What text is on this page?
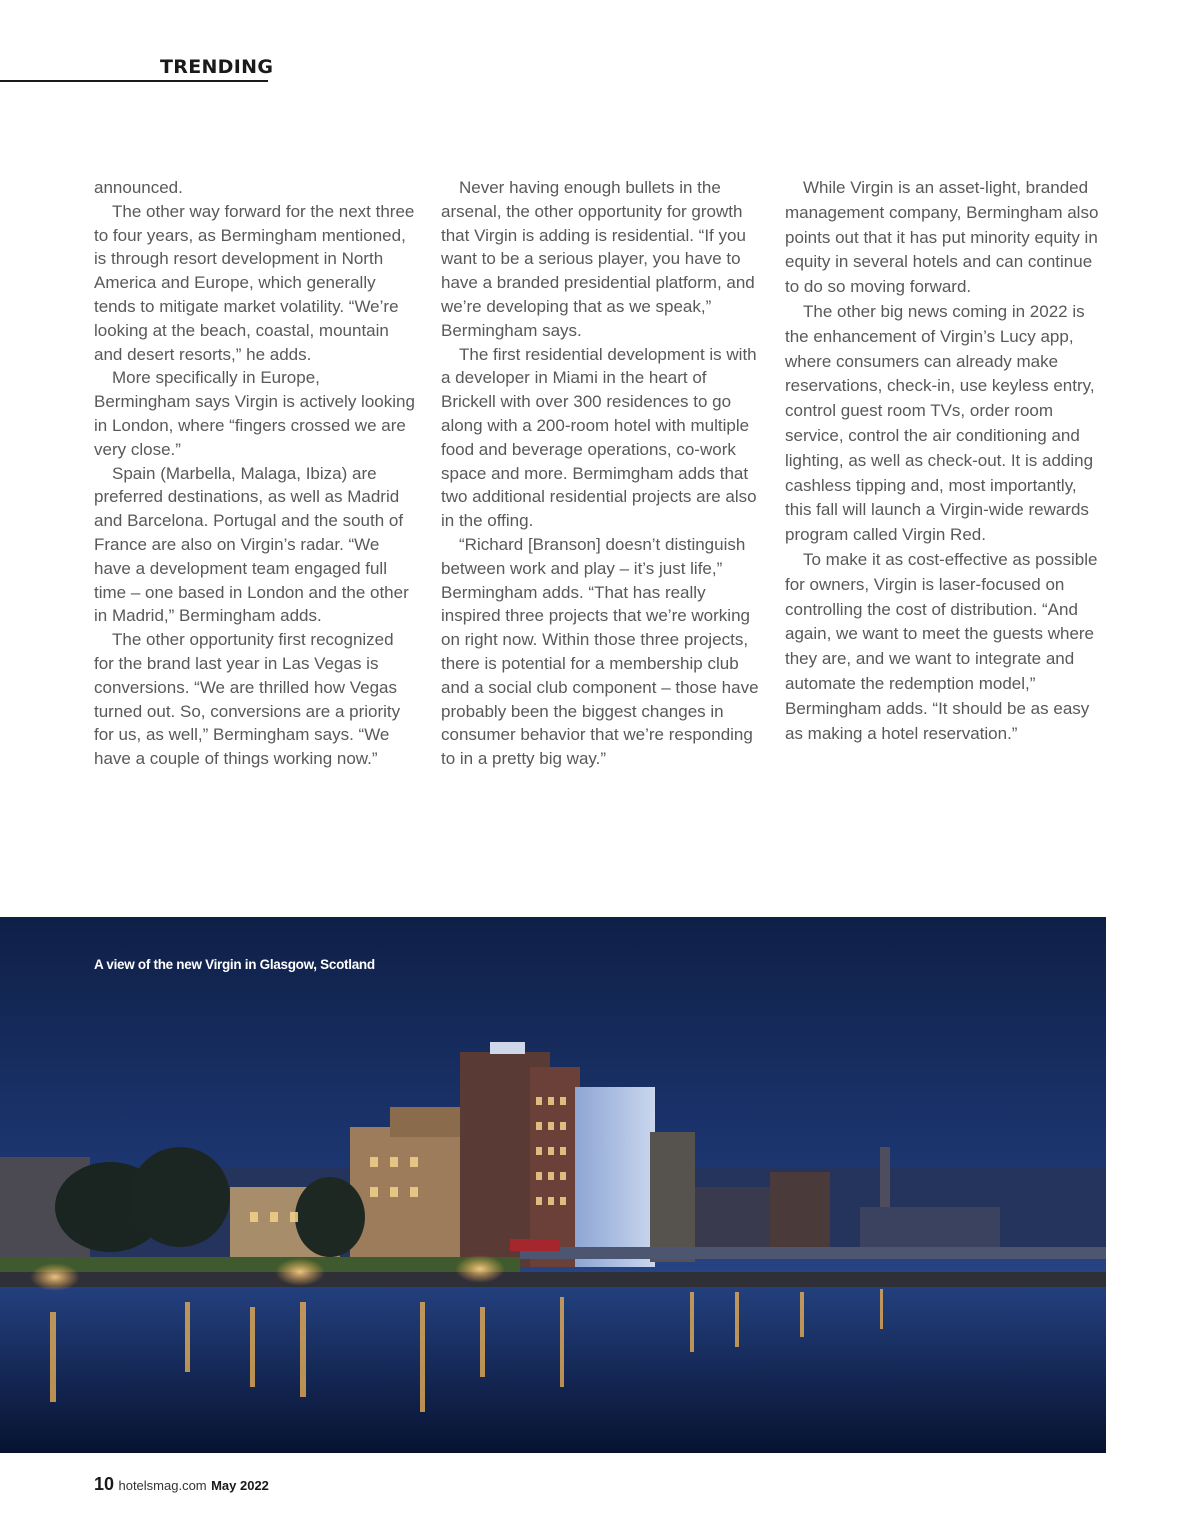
TRENDING

announced.

The other way forward for the next three to four years, as Bermingham mentioned, is through resort development in North America and Europe, which generally tends to mitigate market volatility. “We’re looking at the beach, coastal, mountain and desert resorts,” he adds.

More specifically in Europe, Bermingham says Virgin is actively looking in London, where “fingers crossed we are very close.”

Spain (Marbella, Malaga, Ibiza) are preferred destinations, as well as Madrid and Barcelona. Portugal and the south of France are also on Virgin’s radar. “We have a development team engaged full time – one based in London and the other in Madrid,” Bermingham adds.

The other opportunity first recognized for the brand last year in Las Vegas is conversions. “We are thrilled how Vegas turned out. So, conversions are a priority for us, as well,” Bermingham says. “We have a couple of things working now.”

Never having enough bullets in the arsenal, the other opportunity for growth that Virgin is adding is residential. “If you want to be a serious player, you have to have a branded presidential platform, and we’re developing that as we speak,” Bermingham says.

The first residential development is with a developer in Miami in the heart of Brickell with over 300 residences to go along with a 200-room hotel with multiple food and beverage operations, co-work space and more. Bermimgham adds that two additional residential projects are also in the offing.

“Richard [Branson] doesn’t distinguish between work and play – it’s just life,” Bermingham adds. “That has really inspired three projects that we’re working on right now. Within those three projects, there is potential for a membership club and a social club component – those have probably been the biggest changes in consumer behavior that we’re responding to in a pretty big way.”

While Virgin is an asset-light, branded management company, Bermingham also points out that it has put minority equity in equity in several hotels and can continue to do so moving forward.

The other big news coming in 2022 is the enhancement of Virgin’s Lucy app, where consumers can already make reservations, check-in, use keyless entry, control guest room TVs, order room service, control the air conditioning and lighting, as well as check-out. It is adding cashless tipping and, most importantly, this fall will launch a Virgin-wide rewards program called Virgin Red.

To make it as cost-effective as possible for owners, Virgin is laser-focused on controlling the cost of distribution. “And again, we want to meet the guests where they are, and we want to integrate and automate the redemption model,” Bermingham adds. “It should be as easy as making a hotel reservation.”

A view of the new Virgin in Glasgow, Scotland
10 hotelsmag.com May 2022
